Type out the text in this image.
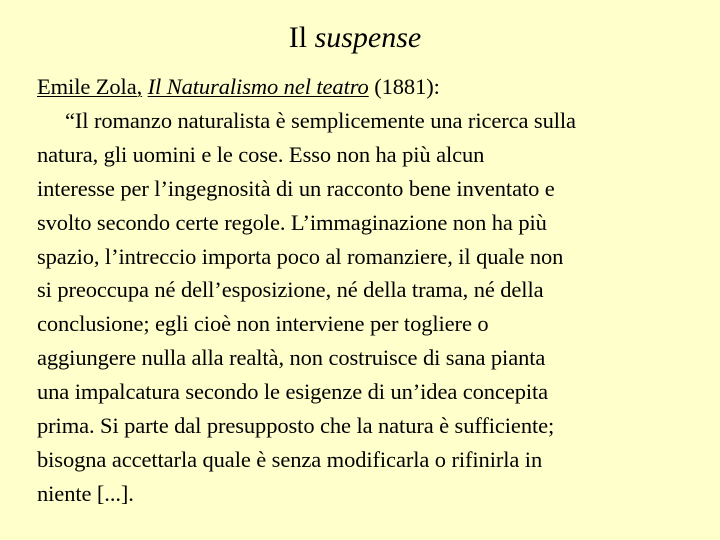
Il suspense
Emile Zola, Il Naturalismo nel teatro (1881):
“Il romanzo naturalista è semplicemente una ricerca sulla
natura, gli uomini e le cose. Esso non ha più alcun
interesse per l’ingegnosità di un racconto bene inventato e
svolto secondo certe regole. L’immaginazione non ha più
spazio, l’intreccio importa poco al romanziere, il quale non
si preoccupa né dell’esposizione, né della trama, né della
conclusione; egli cioè non interviene per togliere o
aggiungere nulla alla realtà, non costruisce di sana pianta
una impalcatura secondo le esigenze di un’idea concepita
prima. Si parte dal presupposto che la natura è sufficiente;
bisogna accettarla quale è senza modificarla o rifinirla in
niente [...].
